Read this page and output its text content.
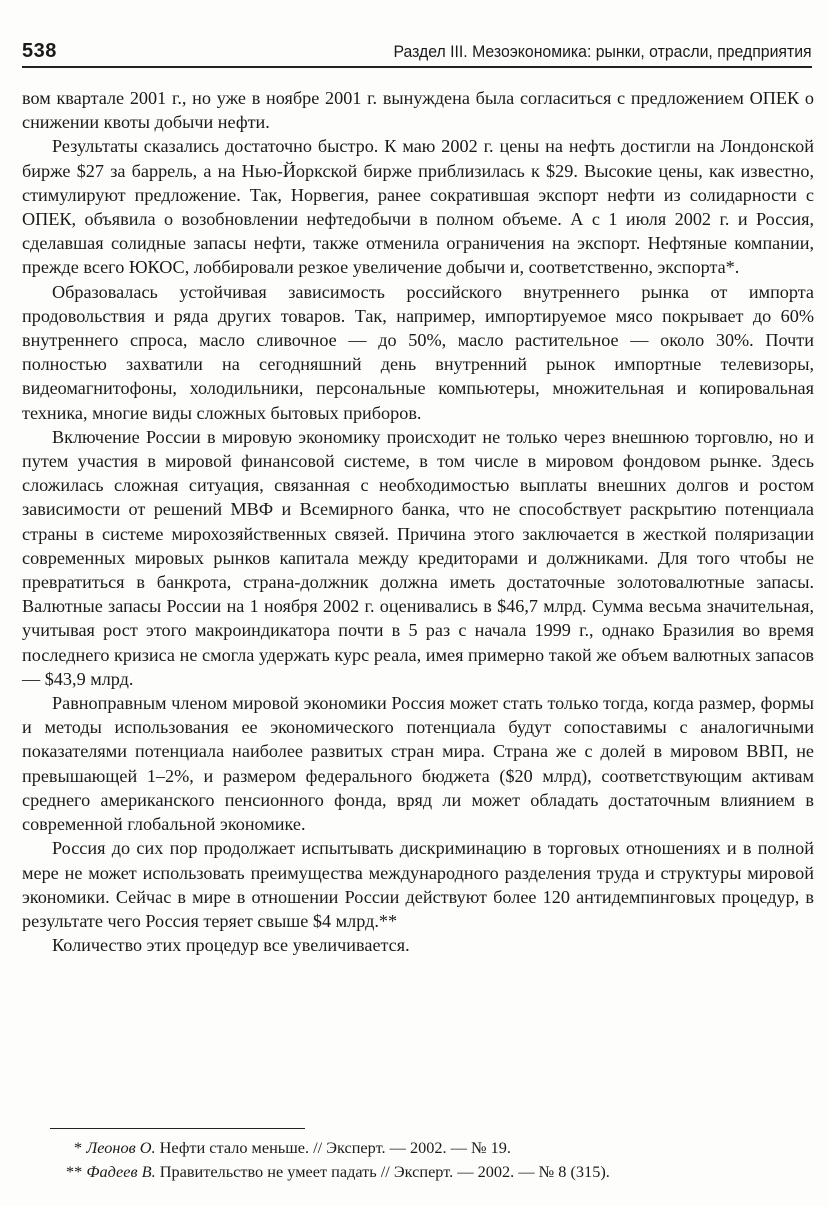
538	Раздел III. Мезоэкономика: рынки, отрасли, предприятия

вом квартале 2001 г., но уже в ноябре 2001 г. вынуждена была согласиться с предложением ОПЕК о снижении квоты добычи нефти.

Результаты сказались достаточно быстро. К маю 2002 г. цены на нефть достигли на Лондонской бирже $27 за баррель, а на Нью-Йоркской бирже приблизилась к $29. Высокие цены, как известно, стимулируют предложение. Так, Норвегия, ранее сократившая экспорт нефти из солидарности с ОПЕК, объявила о возобновлении нефтедобычи в полном объеме. А с 1 июля 2002 г. и Россия, сделавшая солидные запасы нефти, также отменила ограничения на экспорт. Нефтяные компании, прежде всего ЮКОС, лоббировали резкое увеличение добычи и, соответственно, экспорта*.

Образовалась устойчивая зависимость российского внутреннего рынка от импорта продовольствия и ряда других товаров. Так, например, импортируемое мясо покрывает до 60% внутреннего спроса, масло сливочное — до 50%, масло растительное — около 30%. Почти полностью захватили на сегодняшний день внутренний рынок импортные телевизоры, видеомагнитофоны, холодильники, персональные компьютеры, множительная и копировальная техника, многие виды сложных бытовых приборов.

Включение России в мировую экономику происходит не только через внешнюю торговлю, но и путем участия в мировой финансовой системе, в том числе в мировом фондовом рынке. Здесь сложилась сложная ситуация, связанная с необходимостью выплаты внешних долгов и ростом зависимости от решений МВФ и Всемирного банка, что не способствует раскрытию потенциала страны в системе мирохозяйственных связей. Причина этого заключается в жесткой поляризации современных мировых рынков капитала между кредиторами и должниками. Для того чтобы не превратиться в банкрота, страна-должник должна иметь достаточные золотовалютные запасы. Валютные запасы России на 1 ноября 2002 г. оценивались в $46,7 млрд. Сумма весьма значительная, учитывая рост этого макроиндикатора почти в 5 раз с начала 1999 г., однако Бразилия во время последнего кризиса не смогла удержать курс реала, имея примерно такой же объем валютных запасов — $43,9 млрд.

Равноправным членом мировой экономики Россия может стать только тогда, когда размер, формы и методы использования ее экономического потенциала будут сопоставимы с аналогичными показателями потенциала наиболее развитых стран мира. Страна же с долей в мировом ВВП, не превышающей 1–2%, и размером федерального бюджета ($20 млрд), соответствующим активам среднего американского пенсионного фонда, вряд ли может обладать достаточным влиянием в современной глобальной экономике.

Россия до сих пор продолжает испытывать дискриминацию в торговых отношениях и в полной мере не может использовать преимущества международного разделения труда и структуры мировой экономики. Сейчас в мире в отношении России действуют более 120 антидемпинговых процедур, в результате чего Россия теряет свыше $4 млрд.**

Количество этих процедур все увеличивается.

* Леонов О. Нефти стало меньше. // Эксперт. — 2002. — № 19.

** Фадеев В. Правительство не умеет падать // Эксперт. — 2002. — № 8 (315).
